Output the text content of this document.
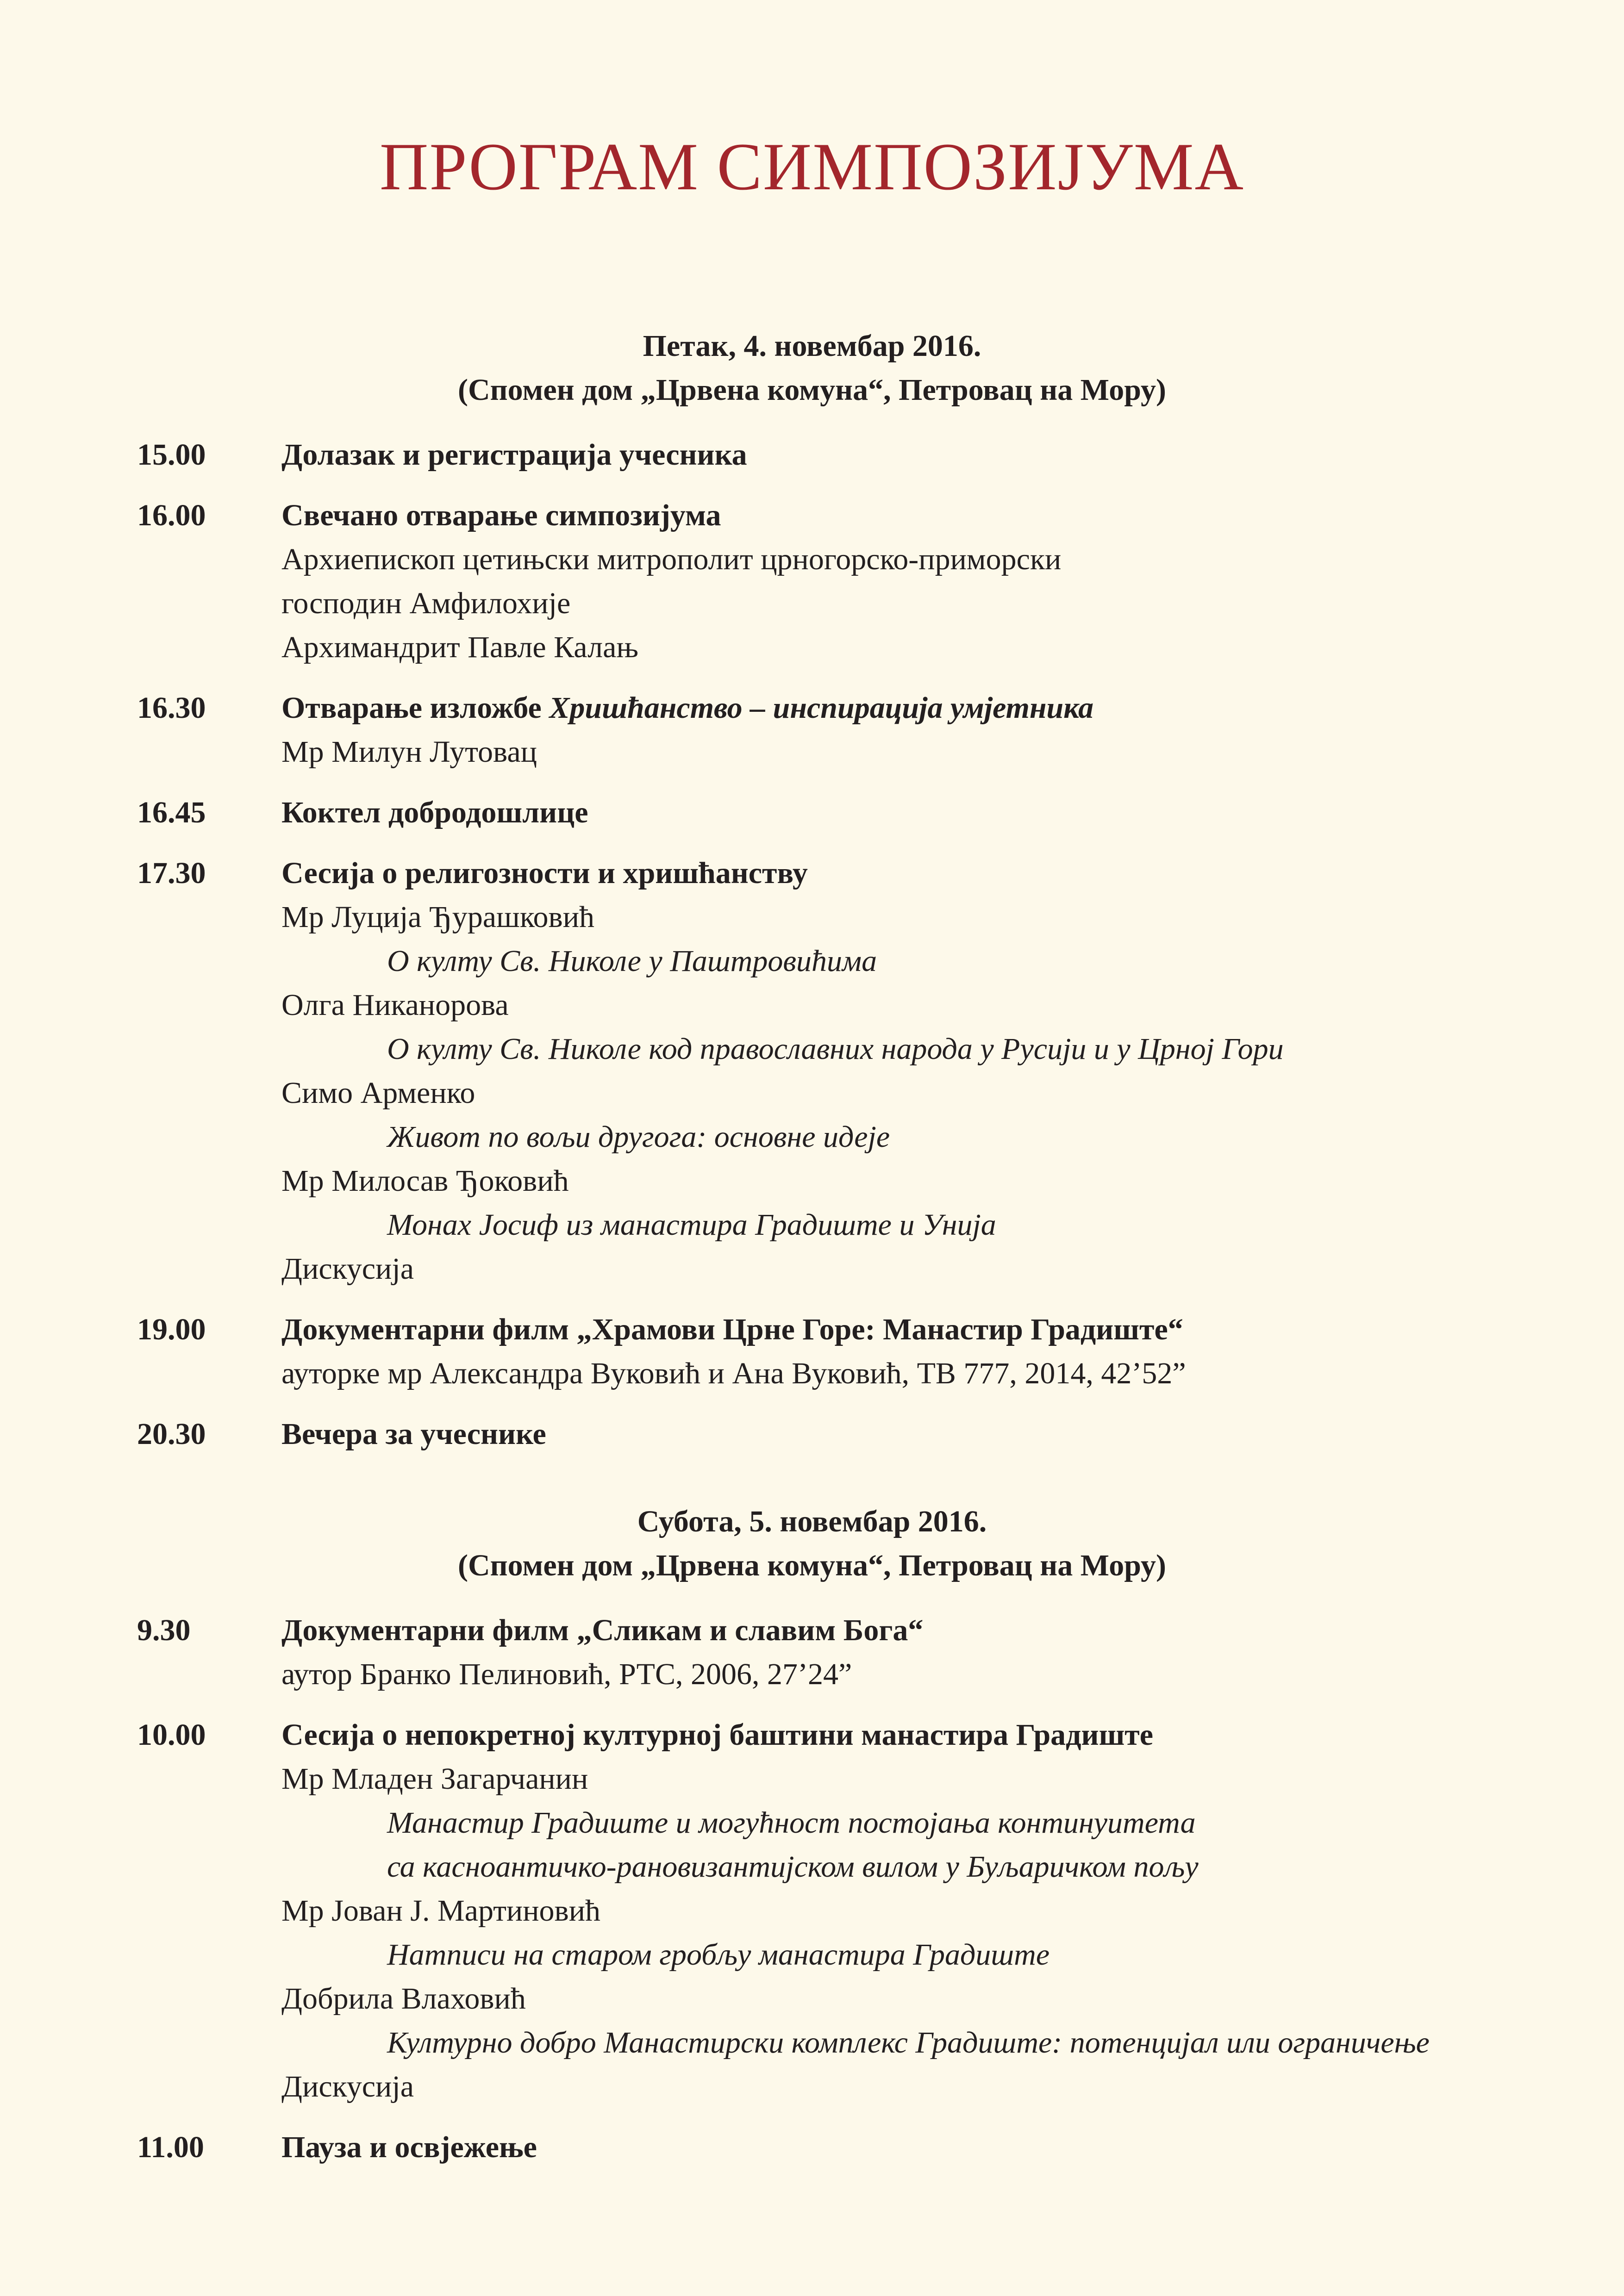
ПРОГРАМ СИМПОЗИЈУМА
Петак, 4. новембар 2016.
(Спомен дом „Црвена комуна“, Петровац на Мору)
15.00 Долазак и регистрација учесника
16.00 Свечано отварање симпозијума
Архиепископ цетињски митрополит црногорско-приморски
господин Амфилохије
Архимандрит Павле Калањ
16.30 Отварање изложбе Хришћанство – инспирација умјетника
Мр Милун Лутовац
16.45 Коктел добродошлице
17.30 Сесија о религозности и хришћанству
Мр Луција Ђурашковић
О култу Св. Николе у Паштровићима
Олга Никанорова
О култу Св. Николе код православних народа у Русији и у Црној Гори
Симо Арменко
Живот по вољи другога: основне идеје
Мр Милосав Ђоковић
Монах Јосиф из манастира Градиште и Унија
Дискусија
19.00 Документарни филм „Храмови Црне Горе: Манастир Градиште“
ауторке мр Александра Вуковић и Ана Вуковић, ТВ 777, 2014, 42’52”
20.30 Вечера за учеснике
Субота, 5. новембар 2016.
(Спомен дом „Црвена комуна“, Петровац на Мору)
9.30	Документарни филм „Сликам и славим Бога“
аутор Бранко Пелиновић, РТС, 2006, 27’24”
10.00 Сесија о непокретној културној баштини манастира Градиште
Мр Младен Загарчанин
Манастир Градиште и могућност постојања континуитета
са касноантичко-рановизантијском вилом у Буљаричком пољу
Мр Јован Ј. Мартиновић
Натписи на старом гробљу манастира Градиште
Добрила Влаховић
Културно добро Манастирски комплекс Градиште: потенцијал или ограничење
Дискусија
11.00	Пауза и освјежење
